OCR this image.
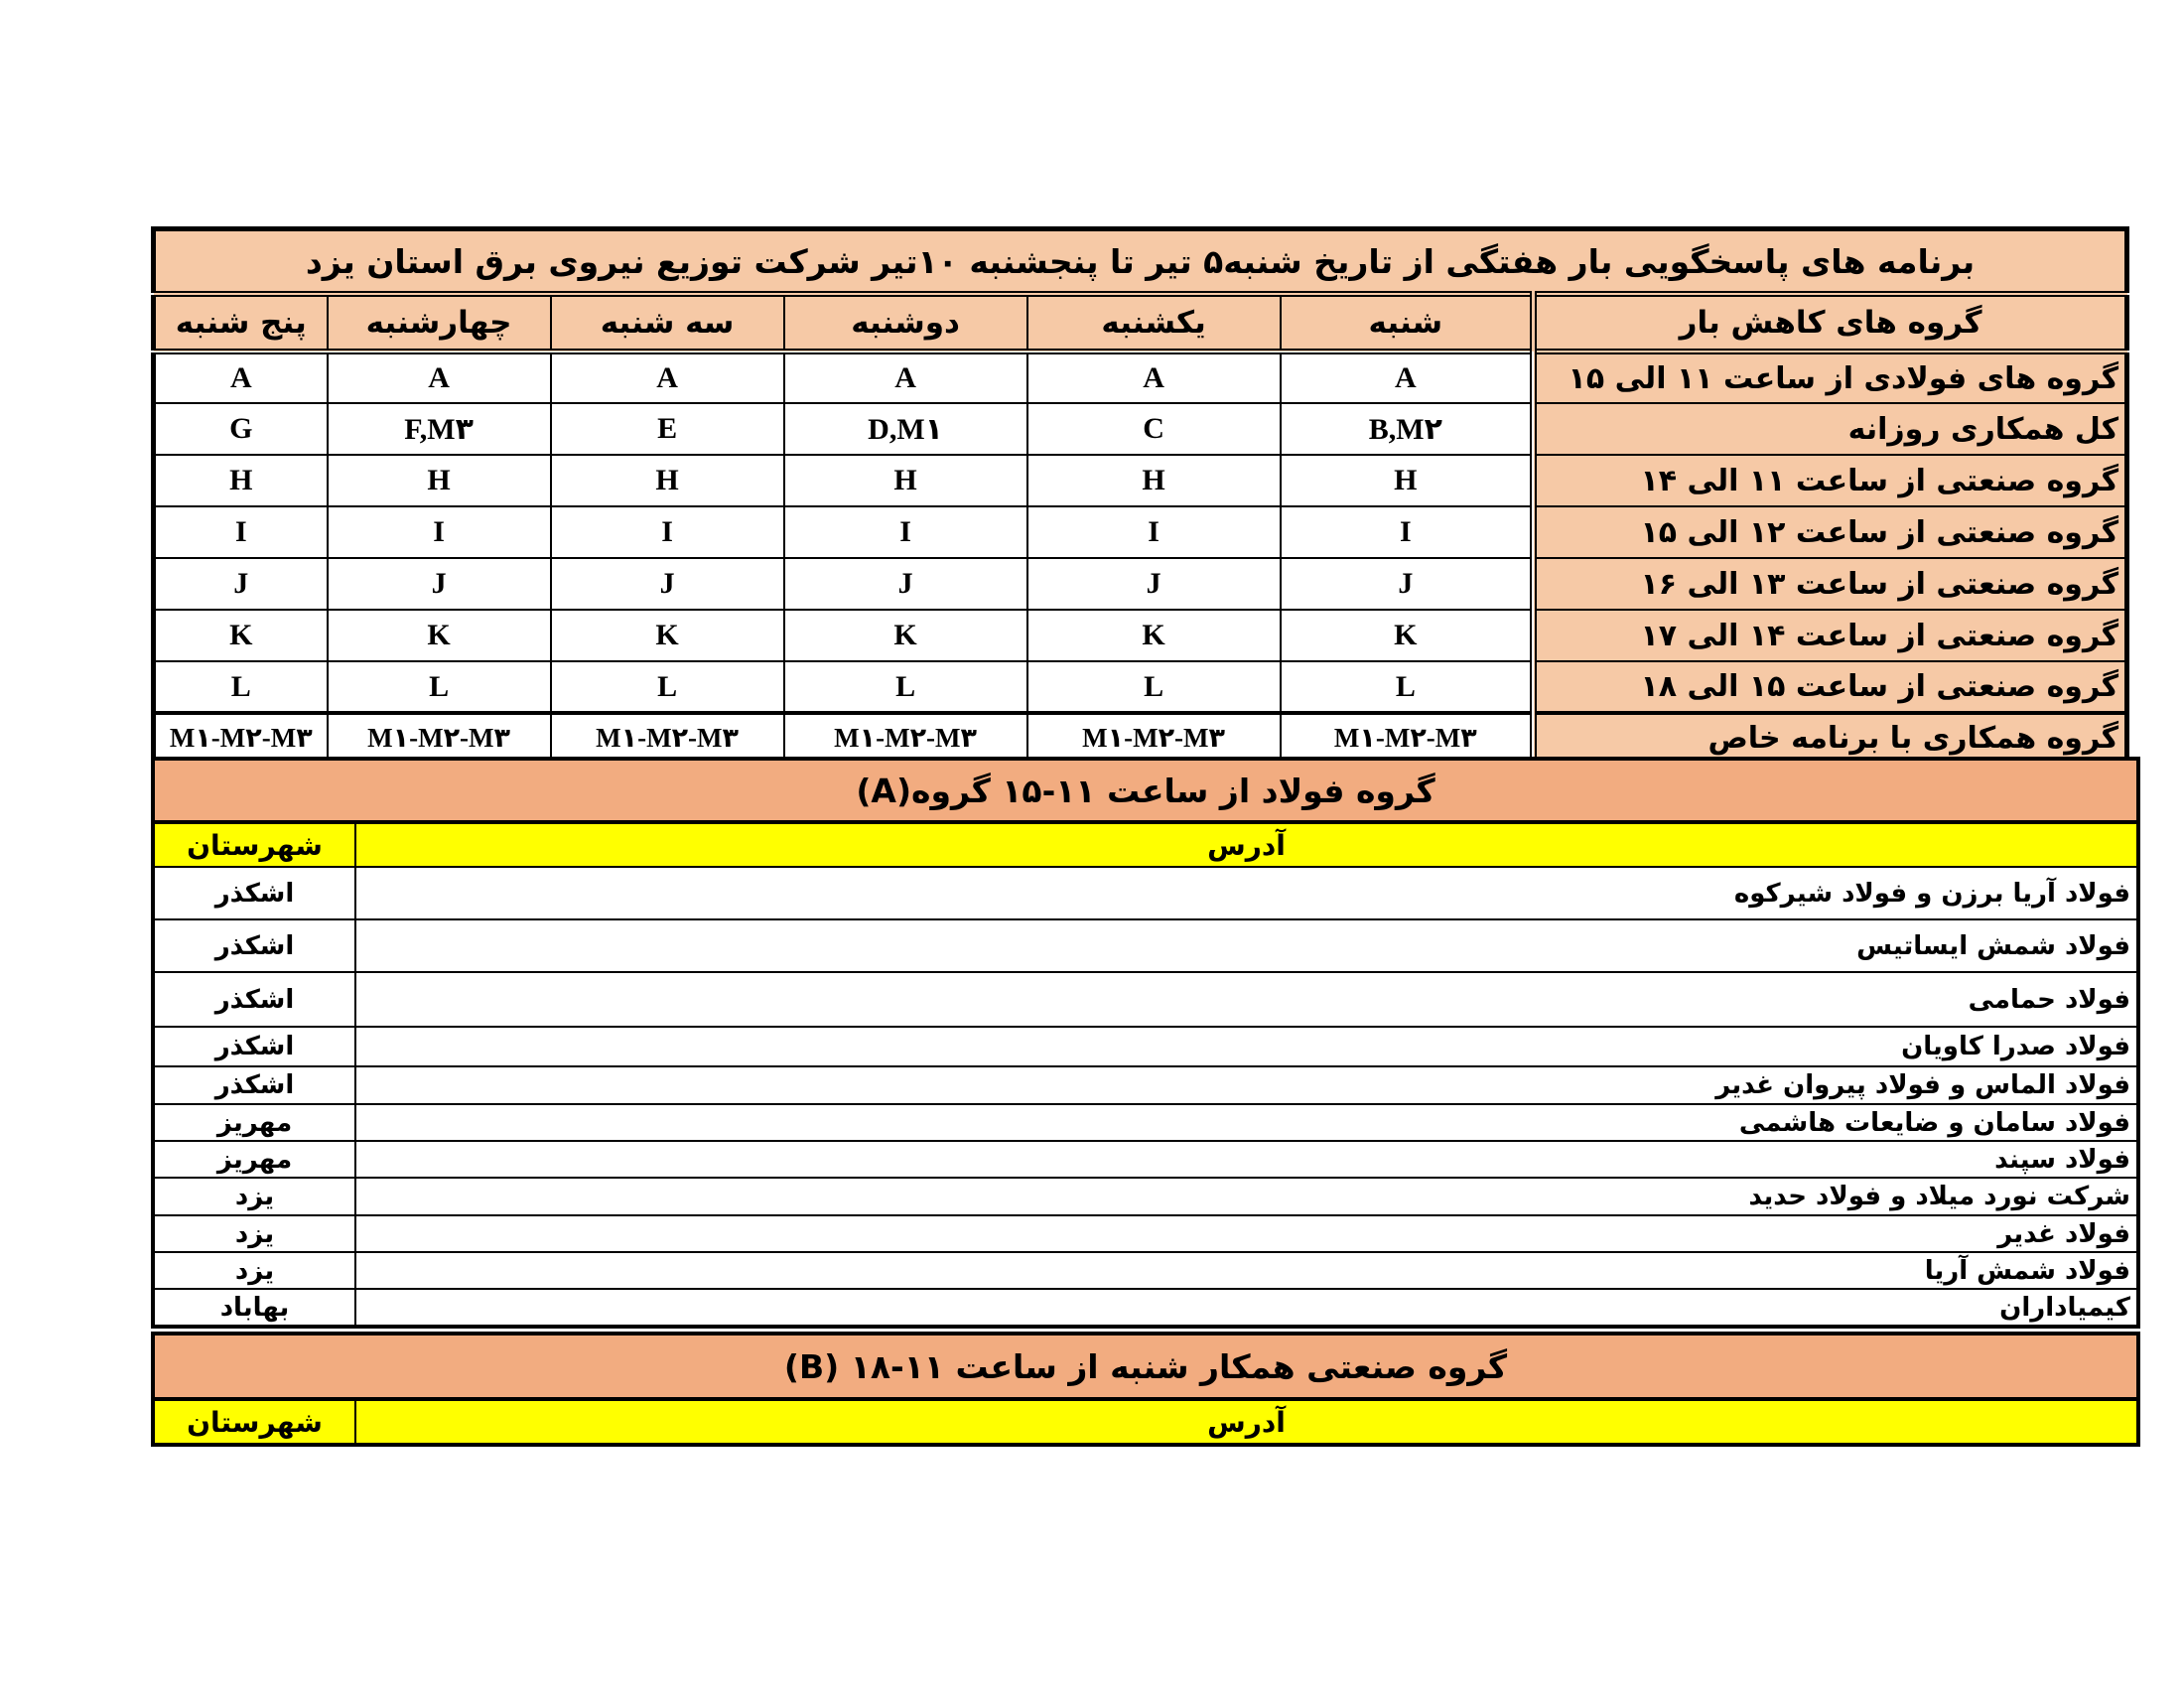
برنامه های پاسخگویی بار هفتگی از تاریخ شنبه۵ تیر تا پنجشنبه ۱۰تیر شرکت توزیع نیروی برق استان یزد						
گروه های کاهش بار	شنبه	یکشنبه	دوشنبه	سه شنبه	چهارشنبه	پنج شنبه
گروه های فولادی از ساعت ۱۱ الی ۱۵	A	A	A	A	A	A
کل همکاری روزانه	B,M۲	C	D,M۱	E	F,M۳	G
گروه صنعتی از ساعت ۱۱ الی ۱۴	H	H	H	H	H	H
گروه صنعتی از ساعت ۱۲ الی ۱۵	I	I	I	I	I	I
گروه صنعتی از ساعت ۱۳ الی ۱۶	J	J	J	J	J	J
گروه صنعتی از ساعت ۱۴ الی ۱۷	K	K	K	K	K	K
گروه صنعتی از ساعت ۱۵ الی ۱۸	L	L	L	L	L	L
گروه همکاری با برنامه خاص	M۱-M۲-M۳	M۱-M۲-M۳	M۱-M۲-M۳	M۱-M۲-M۳	M۱-M۲-M۳	M۱-M۲-M۳
گروه فولاد از ساعت ۱۱-۱۵ گروه(A)	
آدرس	شهرستان
فولاد آریا برزن و فولاد شیرکوه	اشکذر
فولاد شمش ایساتیس	اشکذر
فولاد حمامی	اشکذر
فولاد صدرا کاویان	اشکذر
فولاد الماس و فولاد پیروان غدیر	اشکذر
فولاد سامان و ضایعات هاشمی	مهریز
فولاد سپند	مهریز
شرکت نورد میلاد و فولاد حدید	یزد
فولاد غدیر	یزد
فولاد شمش آریا	یزد
کیمیاداران	بهاباد
گروه صنعتی همکار شنبه از ساعت ۱۱-۱۸ (B)
آدرس	شهرستان
